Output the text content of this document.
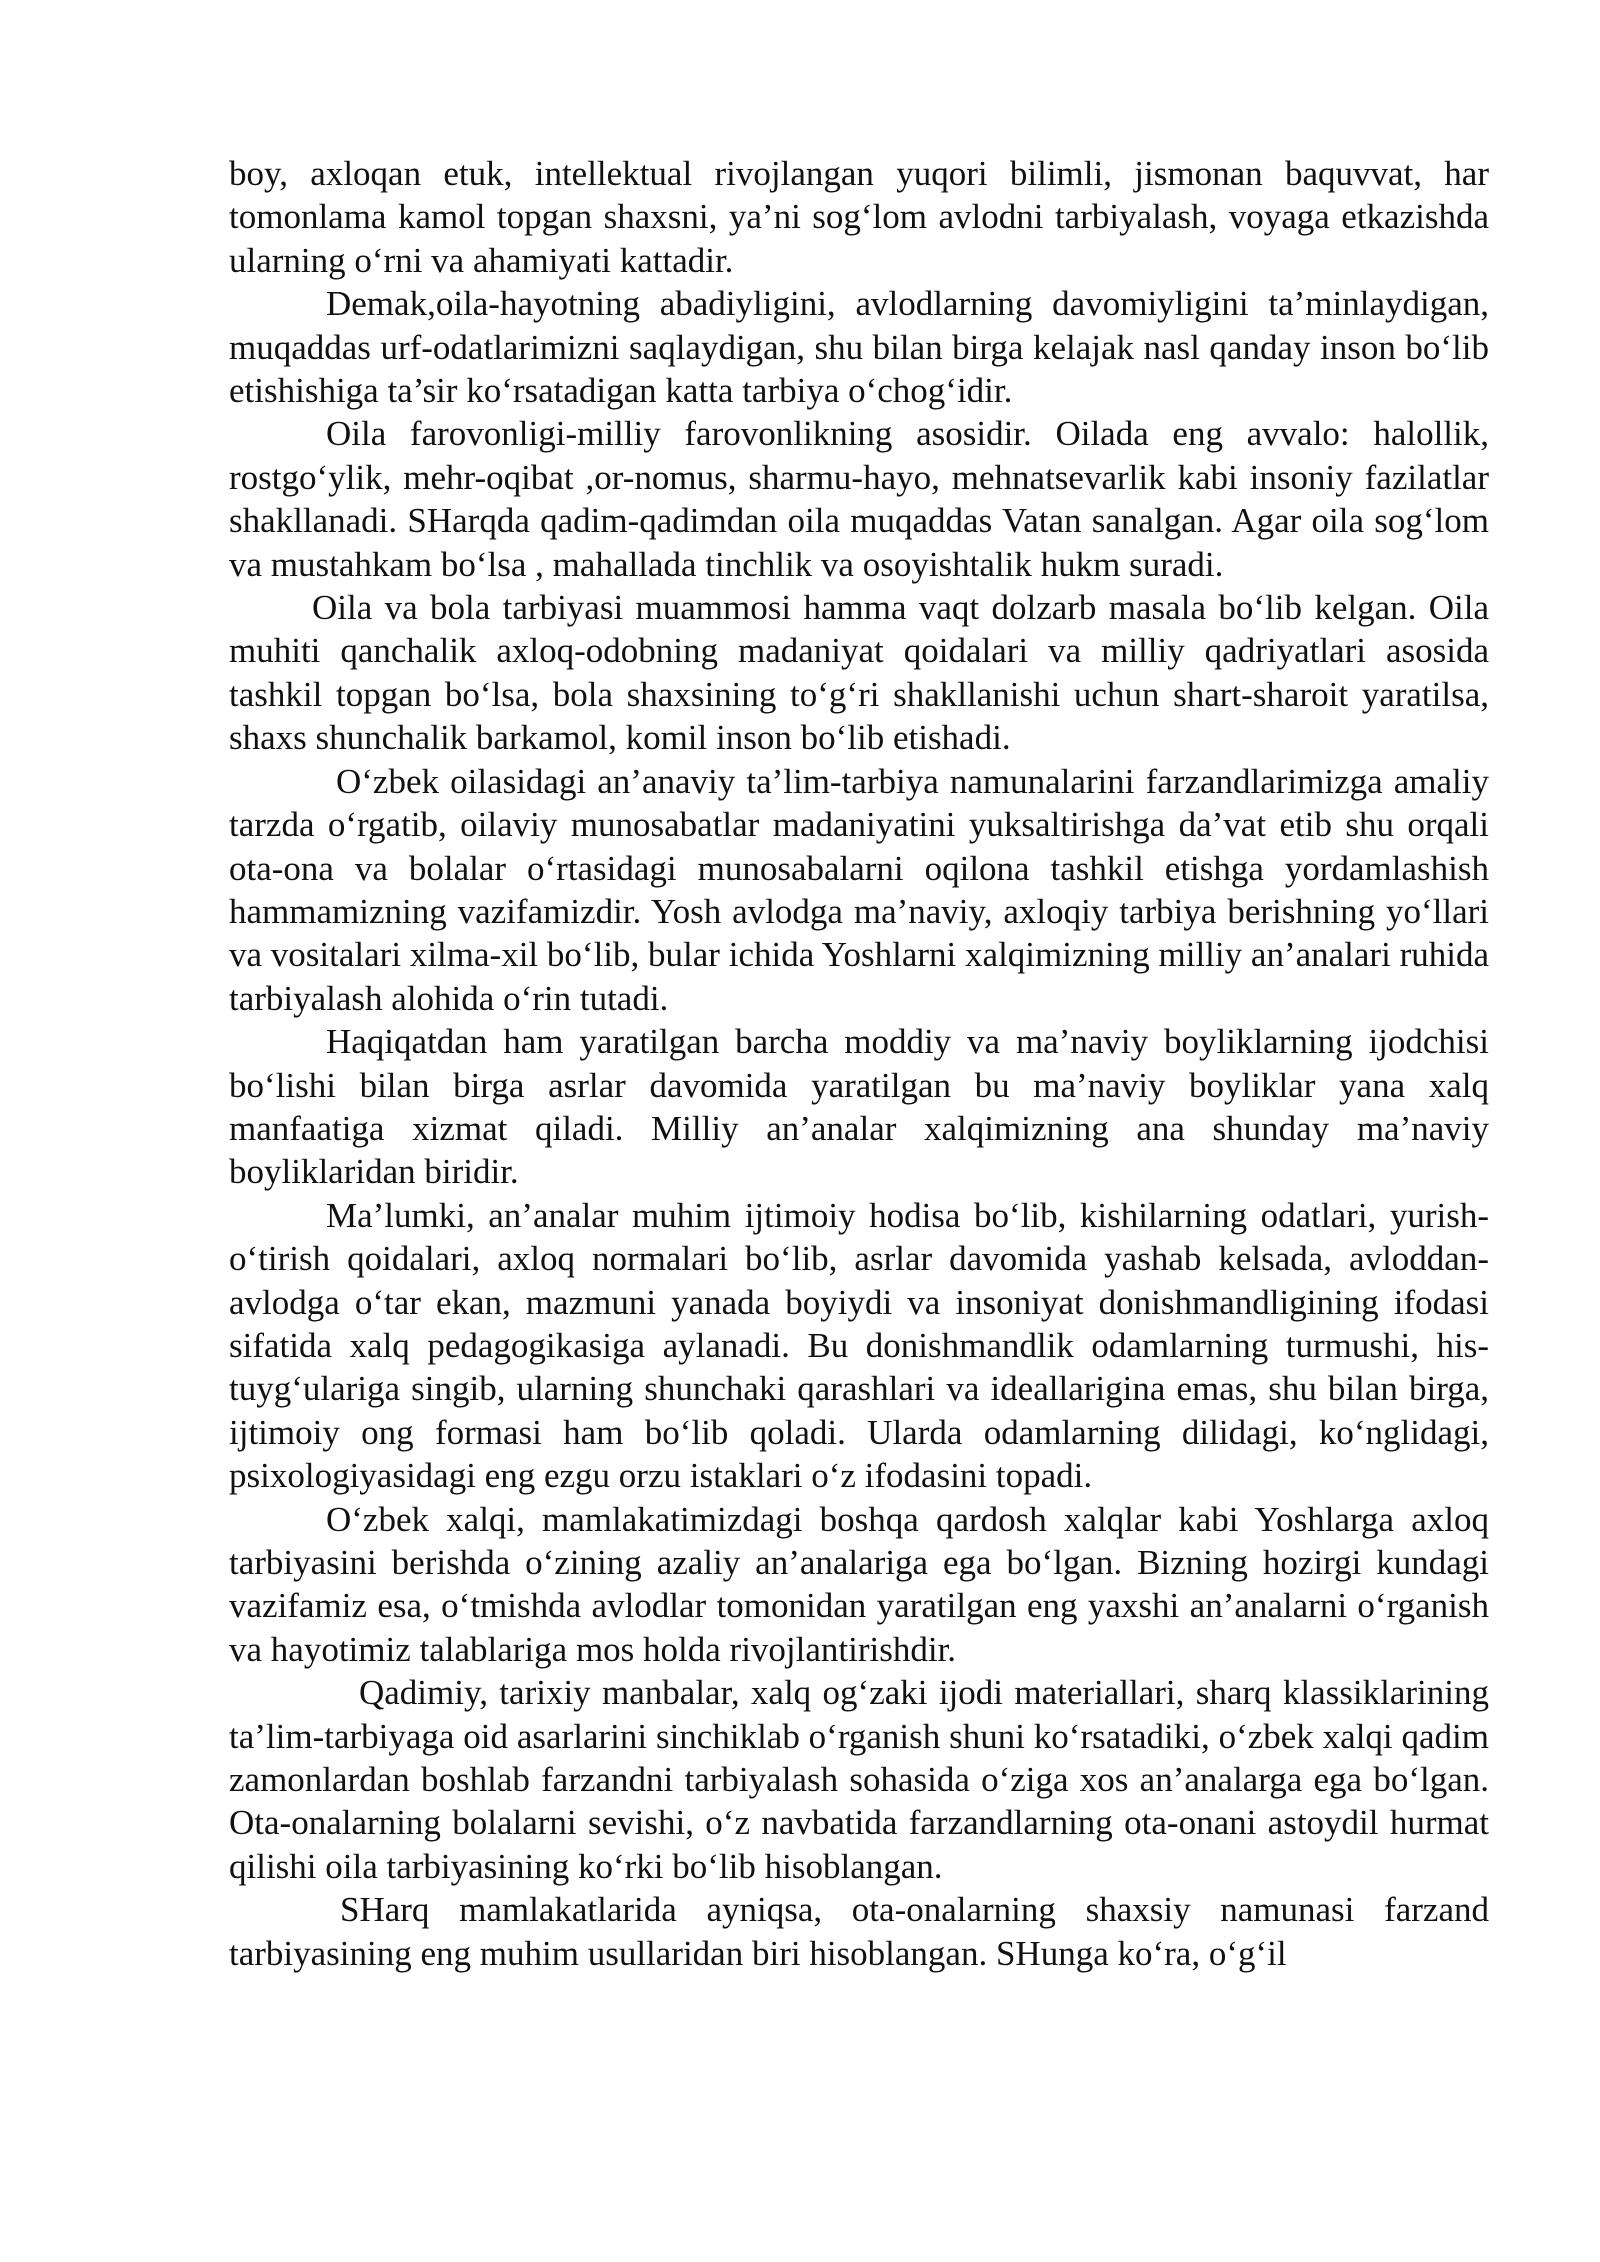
boy, axloqan etuk, intellektual rivojlangan yuqori bilimli, jismonan baquvvat, har tomonlama kamol topgan shaxsni, ya’ni sog‘lom avlodni tarbiyalash, voyaga etkazishda ularning o‘rni va ahamiyati kattadir.

Demak,oila-hayotning abadiyligini, avlodlarning davomiyligini ta’minlaydigan, muqaddas urf-odatlarimizni saqlaydigan, shu bilan birga kelajak nasl qanday inson bo‘lib etishishiga ta’sir ko‘rsatadigan katta tarbiya o‘chog‘idir.

Oila farovonligi-milliy farovonlikning asosidir. Oilada eng avvalo: halollik, rostgo‘ylik, mehr-oqibat ,or-nomus, sharmu-hayo, mehnatsevarlik kabi insoniy fazilatlar shakllanadi. SHarqda qadim-qadimdan oila muqaddas Vatan sanalgan. Agar oila sog‘lom va mustahkam bo‘lsa , mahallada tinchlik va osoyishtalik hukm suradi.

Oila va bola tarbiyasi muammosi hamma vaqt dolzarb masala bo‘lib kelgan. Oila muhiti qanchalik axloq-odobning madaniyat qoidalari va milliy qadriyatlari asosida tashkil topgan bo‘lsa, bola shaxsining to‘g‘ri shakllanishi uchun shart-sharoit yaratilsa, shaxs shunchalik barkamol, komil inson bo‘lib etishadi.

O‘zbek oilasidagi an’anaviy ta’lim-tarbiya namunalarini farzandlarimizga amaliy tarzda o‘rgatib, oilaviy munosabatlar madaniyatini yuksaltirishga da’vat etib shu orqali ota-ona va bolalar o‘rtasidagi munosabalarni oqilona tashkil etishga yordamlashish hammamizning vazifamizdir. Yosh avlodga ma’naviy, axloqiy tarbiya berishning yo‘llari va vositalari xilma-xil bo‘lib, bular ichida Yoshlarni xalqimizning milliy an’analari ruhida tarbiyalash alohida o‘rin tutadi.

Haqiqatdan ham yaratilgan barcha moddiy va ma’naviy boyliklarning ijodchisi bo‘lishi bilan birga asrlar davomida yaratilgan bu ma’naviy boyliklar yana xalq manfaatiga xizmat qiladi. Milliy an’analar xalqimizning ana shunday ma’naviy boyliklaridan biridir.

Ma’lumki, an’analar muhim ijtimoiy hodisa bo‘lib, kishilarning odatlari, yurish-o‘tirish qoidalari, axloq normalari bo‘lib, asrlar davomida yashab kelsada, avloddan-avlodga o‘tar ekan, mazmuni yanada boyiydi va insoniyat donishmandligining ifodasi sifatida xalq pedagogikasiga aylanadi. Bu donishmandlik odamlarning turmushi, his-tuyg‘ulariga singib, ularning shunchaki qarashlari va ideallarigina emas, shu bilan birga, ijtimoiy ong formasi ham bo‘lib qoladi. Ularda odamlarning dilidagi, ko‘nglidagi, psixologiyasidagi eng ezgu orzu istaklari o‘z ifodasini topadi.

O‘zbek xalqi, mamlakatimizdagi boshqa qardosh xalqlar kabi Yoshlarga axloq tarbiyasini berishda o‘zining azaliy an’analariga ega bo‘lgan. Bizning hozirgi kundagi vazifamiz esa, o‘tmishda avlodlar tomonidan yaratilgan eng yaxshi an’analarni o‘rganish va hayotimiz talablariga mos holda rivojlantirishdir.

Qadimiy, tarixiy manbalar, xalq og‘zaki ijodi materiallari, sharq klassiklarining ta’lim-tarbiyaga oid asarlarini sinchiklab o‘rganish shuni ko‘rsatadiki, o‘zbek xalqi qadim zamonlardan boshlab farzandni tarbiyalash sohasida o‘ziga xos an’analarga ega bo‘lgan. Ota-onalarning bolalarni sevishi, o‘z navbatida farzandlarning ota-onani astoydil hurmat qilishi oila tarbiyasining ko‘rki bo‘lib hisoblangan.

SHarq mamlakatlarida ayniqsa, ota-onalarning shaxsiy namunasi farzand tarbiyasining eng muhim usullaridan biri hisoblangan. SHunga ko‘ra, o‘g‘il
